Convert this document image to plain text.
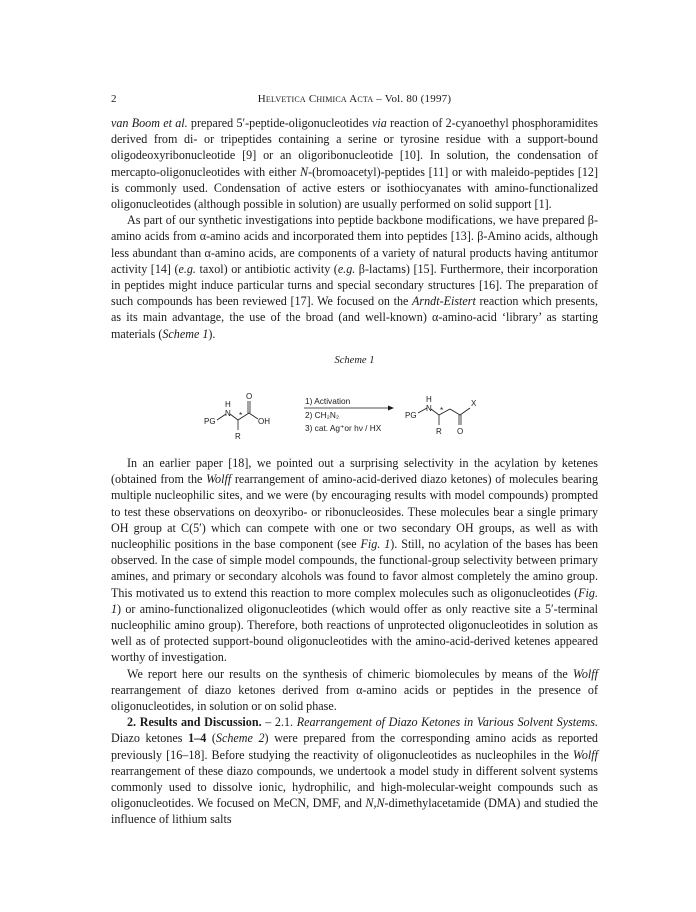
2	Helvetica Chimica Acta – Vol. 80 (1997)

van Boom et al. prepared 5′-peptide-oligonucleotides via reaction of 2-cyanoethyl phosphoramidites derived from di- or tripeptides containing a serine or tyrosine residue with a support-bound oligodeoxyribonucleotide [9] or an oligoribonucleotide [10]. In solution, the condensation of mercapto-oligonucleotides with either N-(bromoacetyl)-peptides [11] or with maleido-peptides [12] is commonly used. Condensation of active esters or isothiocyanates with amino-functionalized oligonucleotides (although possible in solution) are usually performed on solid support [1].

As part of our synthetic investigations into peptide backbone modifications, we have prepared β-amino acids from α-amino acids and incorporated them into peptides [13]. β-Amino acids, although less abundant than α-amino acids, are components of a variety of natural products having antitumor activity [14] (e.g. taxol) or antibiotic activity (e.g. β-lactams) [15]. Furthermore, their incorporation in peptides might induce particular turns and special secondary structures [16]. The preparation of such compounds has been reviewed [17]. We focused on the Arndt-Eistert reaction which presents, as its main advantage, the use of the broad (and well-known) α-amino-acid ‘library’ as starting materials (Scheme 1).

Scheme 1
PG
N
H
*
O
OH
R
1) Activation
2) CH₂N₂
3) cat. Ag⁺or hν / HX
PG
N
H
*
X
R O

In an earlier paper [18], we pointed out a surprising selectivity in the acylation by ketenes (obtained from the Wolff rearrangement of amino-acid-derived diazo ketones) of molecules bearing multiple nucleophilic sites, and we were (by encouraging results with model compounds) prompted to test these observations on deoxyribo- or ribonucleosides. These molecules bear a single primary OH group at C(5′) which can compete with one or two secondary OH groups, as well as with nucleophilic positions in the base component (see Fig. 1). Still, no acylation of the bases has been observed. In the case of simple model compounds, the functional-group selectivity between primary amines, and primary or secondary alcohols was found to favor almost completely the amino group. This motivated us to extend this reaction to more complex molecules such as oligonucleotides (Fig. 1) or amino-functionalized oligonucleotides (which would offer as only reactive site a 5′-terminal nucleophilic amino group). Therefore, both reactions of unprotected oligonucleotides in solution as well as of protected support-bound oligonucleotides with the amino-acid-derived ketenes appeared worthy of investigation.

We report here our results on the synthesis of chimeric biomolecules by means of the Wolff rearrangement of diazo ketones derived from α-amino acids or peptides in the presence of oligonucleotides, in solution or on solid phase.

2. Results and Discussion. – 2.1. Rearrangement of Diazo Ketones in Various Solvent Systems. Diazo ketones 1–4 (Scheme 2) were prepared from the corresponding amino acids as reported previously [16–18]. Before studying the reactivity of oligonucleotides as nucleophiles in the Wolff rearrangement of these diazo compounds, we undertook a model study in different solvent systems commonly used to dissolve ionic, hydrophilic, and high-molecular-weight compounds such as oligonucleotides. We focused on MeCN, DMF, and N,N-dimethylacetamide (DMA) and studied the influence of lithium salts
